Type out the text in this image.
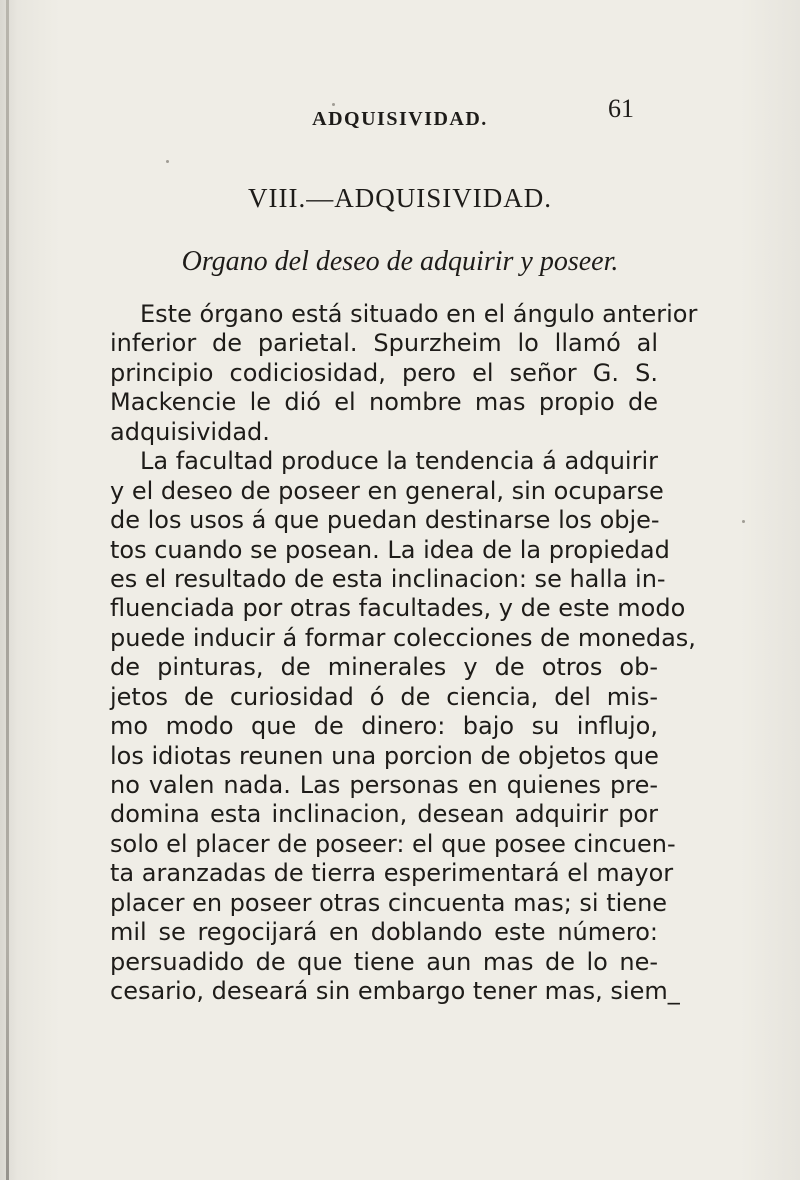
ADQUISIVIDAD.	61
VIII.—ADQUISIVIDAD.
Organo del deseo de adquirir y poseer.
Este órgano está situado en el ángulo anterior
inferior de parietal. Spurzheim lo llamó al
principio codiciosidad, pero el señor G. S.
Mackencie le dió el nombre mas propio de
adquisividad.
La facultad produce la tendencia á adquirir
y el deseo de poseer en general, sin ocuparse
de los usos á que puedan destinarse los obje-
tos cuando se posean. La idea de la propiedad
es el resultado de esta inclinacion: se halla in-
fluenciada por otras facultades, y de este modo
puede inducir á formar colecciones de monedas,
de pinturas, de minerales y de otros ob-
jetos de curiosidad ó de ciencia, del mis-
mo modo que de dinero: bajo su influjo,
los idiotas reunen una porcion de objetos que
no valen nada. Las personas en quienes pre-
domina esta inclinacion, desean adquirir por
solo el placer de poseer: el que posee cincuen-
ta aranzadas de tierra esperimentará el mayor
placer en poseer otras cincuenta mas; si tiene
mil se regocijará en doblando este número:
persuadido de que tiene aun mas de lo ne-
cesario, deseará sin embargo tener mas, siem_
